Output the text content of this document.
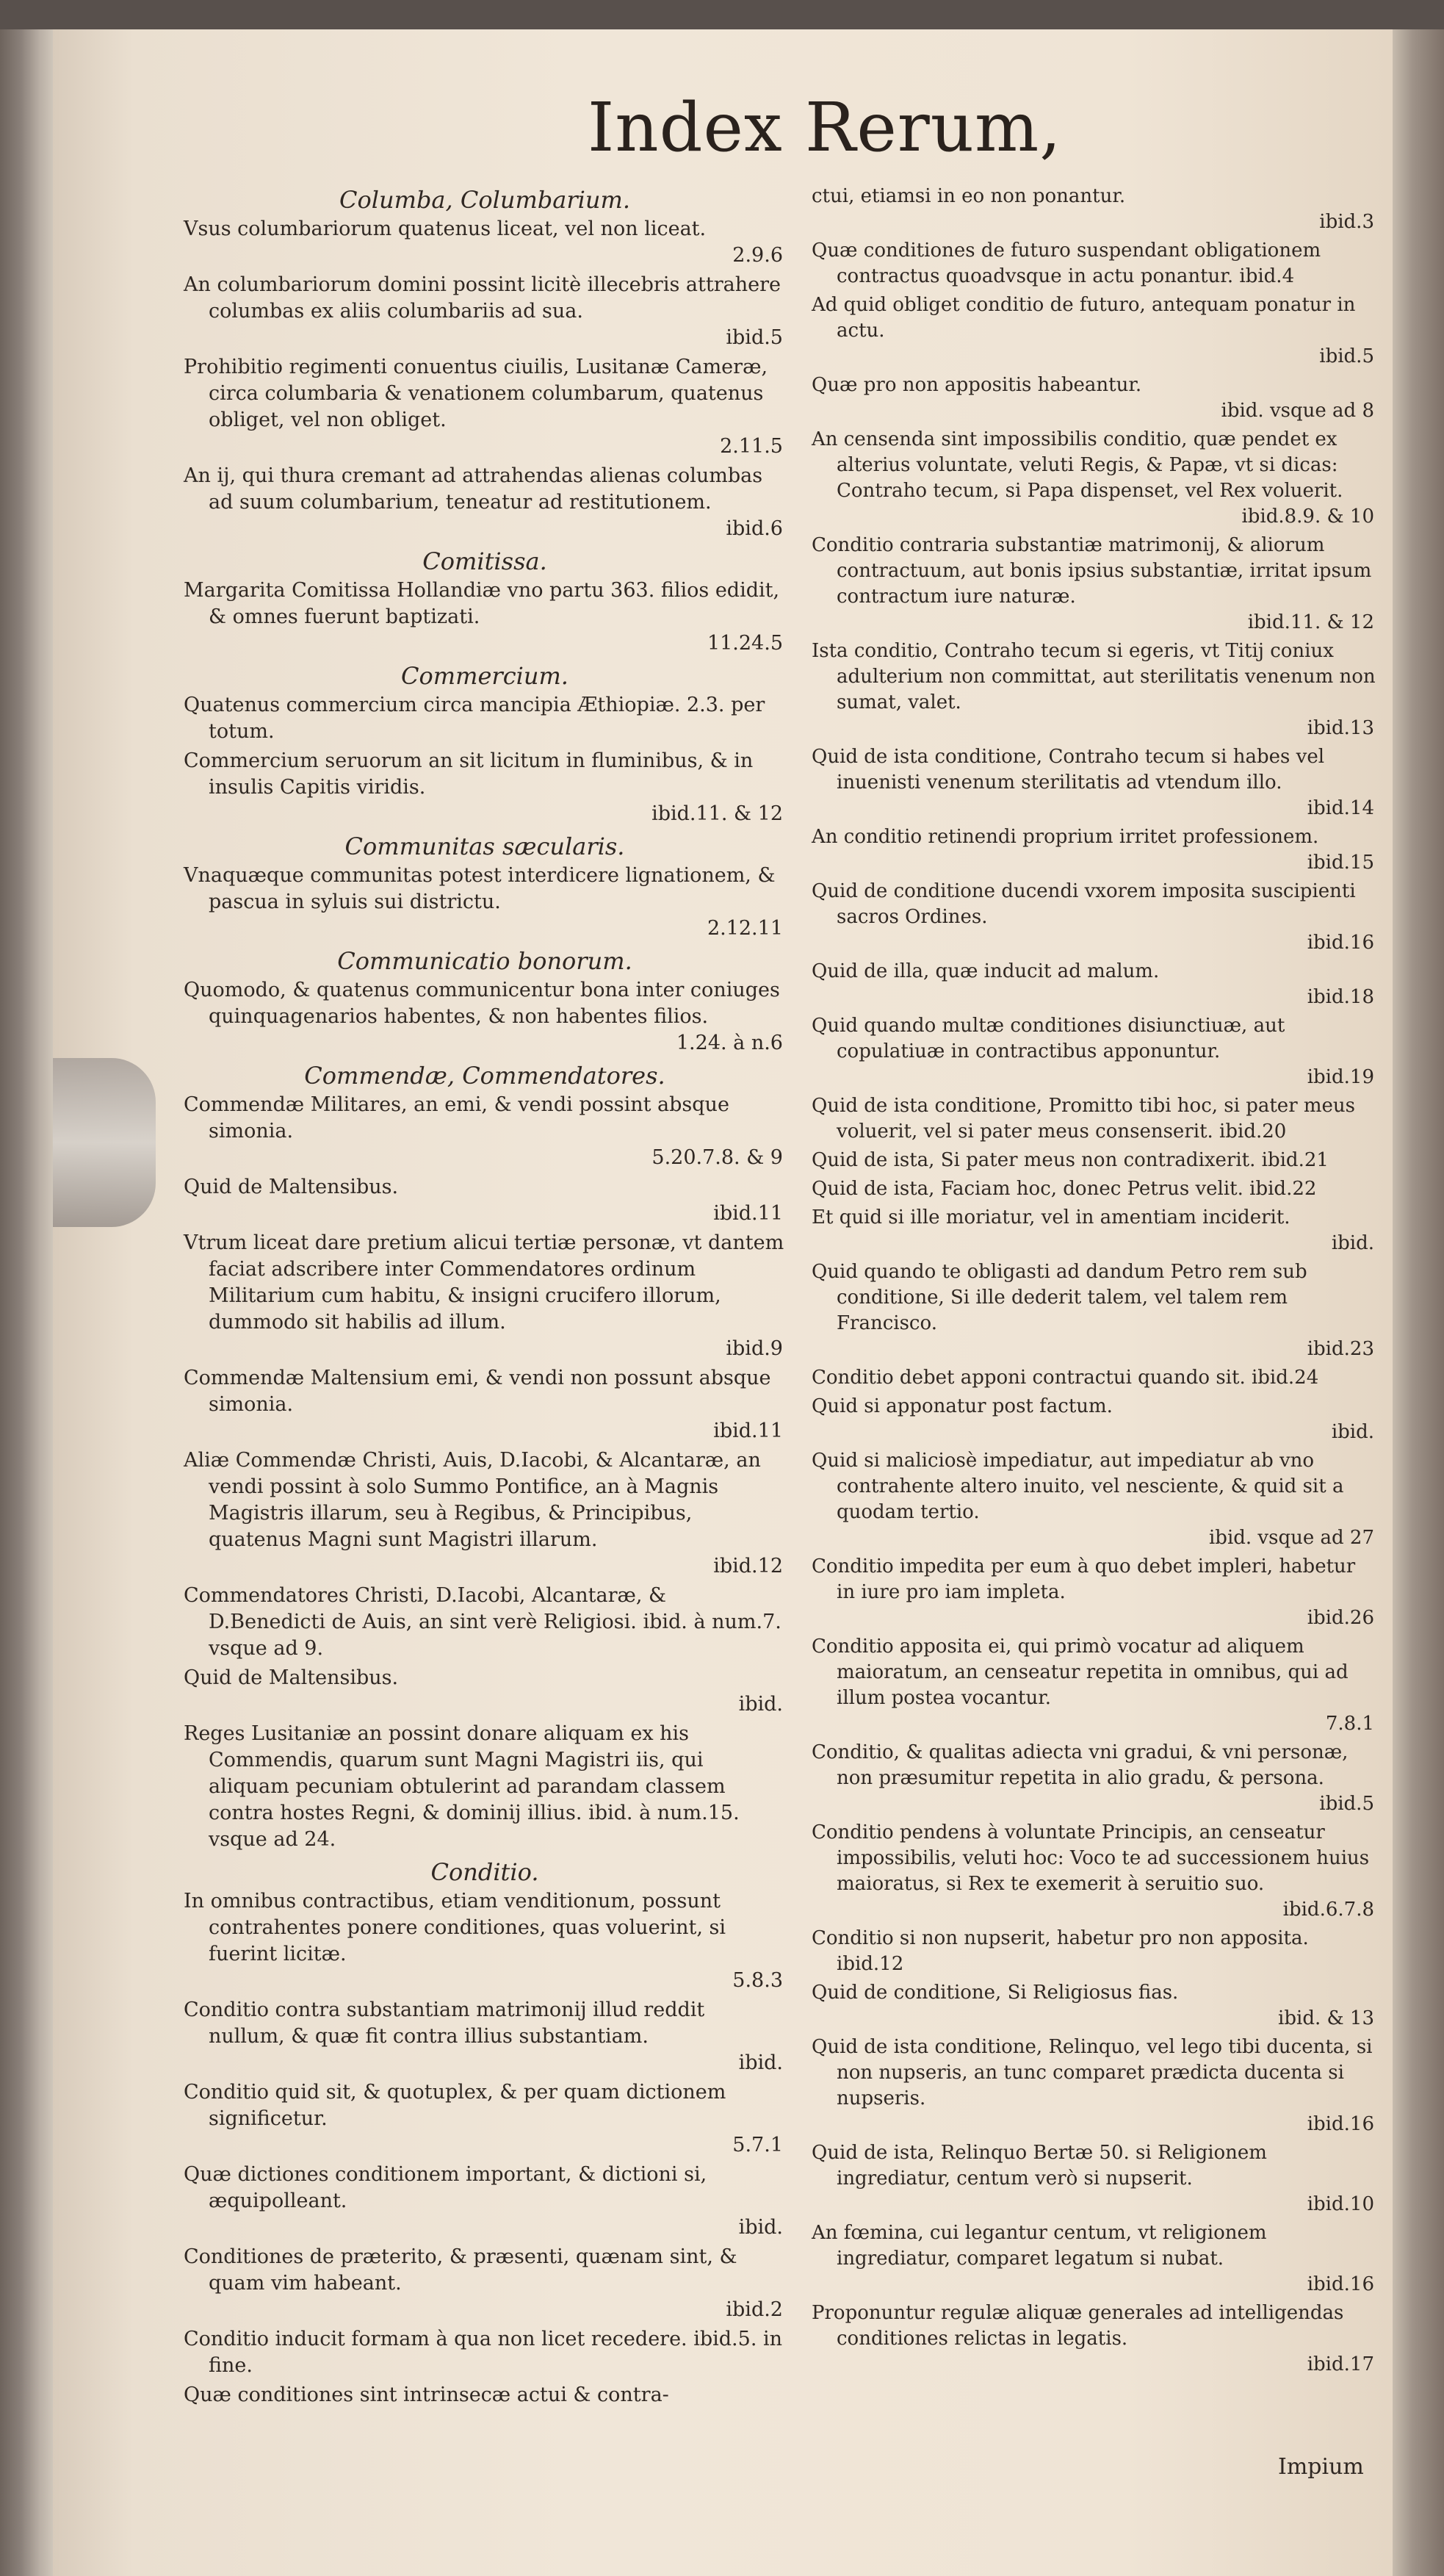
Index Rerum,
Columba, Columbarium.
Vsus columbariorum quatenus liceat, vel non liceat.
2.9.6
An columbariorum domini possint licitè illecebris attrahere columbas ex aliis columbariis ad sua.
ibid.5
Prohibitio regimenti conuentus ciuilis, Lusitanæ Cameræ, circa columbaria & venationem columbarum, quatenus obliget, vel non obliget.
2.11.5
An ij, qui thura cremant ad attrahendas alienas columbas ad suum columbarium, teneatur ad restitutionem.
ibid.6
Comitissa.
Margarita Comitissa Hollandiæ vno partu 363. filios edidit, & omnes fuerunt baptizati.
11.24.5
Commercium.
Quatenus commercium circa mancipia Æthiopiæ. 2.3. per totum.
Commercium seruorum an sit licitum in fluminibus, & in insulis Capitis viridis.
ibid.11. & 12
Communitas sæcularis.
Vnaquæque communitas potest interdicere lignationem, & pascua in syluis sui districtu.
2.12.11
Communicatio bonorum.
Quomodo, & quatenus communicentur bona inter coniuges quinquagenarios habentes, & non habentes filios.
1.24. à n.6
Commendæ, Commendatores.
Commendæ Militares, an emi, & vendi possint absque simonia.
5.20.7.8. & 9
Quid de Maltensibus.
ibid.11
Vtrum liceat dare pretium alicui tertiæ personæ, vt dantem faciat adscribere inter Commendatores ordinum Militarium cum habitu, & insigni crucifero illorum, dummodo sit habilis ad illum.
ibid.9
Commendæ Maltensium emi, & vendi non possunt absque simonia.
ibid.11
Aliæ Commendæ Christi, Auis, D.Iacobi, & Alcantaræ, an vendi possint à solo Summo Pontifice, an à Magnis Magistris illarum, seu à Regibus, & Principibus, quatenus Magni sunt Magistri illarum.
ibid.12
Commendatores Christi, D.Iacobi, Alcantaræ, & D.Benedicti de Auis, an sint verè Religiosi. ibid. à num.7. vsque ad 9.
Quid de Maltensibus.
ibid.
Reges Lusitaniæ an possint donare aliquam ex his Commendis, quarum sunt Magni Magistri iis, qui aliquam pecuniam obtulerint ad parandam classem contra hostes Regni, & dominij illius. ibid. à num.15. vsque ad 24.
Conditio.
In omnibus contractibus, etiam venditionum, possunt contrahentes ponere conditiones, quas voluerint, si fuerint licitæ.
5.8.3
Conditio contra substantiam matrimonij illud reddit nullum, & quæ fit contra illius substantiam.
ibid.
Conditio quid sit, & quotuplex, & per quam dictionem significetur.
5.7.1
Quæ dictiones conditionem important, & dictioni si, æquipolleant.
ibid.
Conditiones de præterito, & præsenti, quænam sint, & quam vim habeant.
ibid.2
Conditio inducit formam à qua non licet recedere. ibid.5. in fine.
Quæ conditiones sint intrinsecæ actui & contra-
ctui, etiamsi in eo non ponantur.
ibid.3
Quæ conditiones de futuro suspendant obligationem contractus quoadvsque in actu ponantur. ibid.4
Ad quid obliget conditio de futuro, antequam ponatur in actu.
ibid.5
Quæ pro non appositis habeantur.
ibid. vsque ad 8
An censenda sint impossibilis conditio, quæ pendet ex alterius voluntate, veluti Regis, & Papæ, vt si dicas: Contraho tecum, si Papa dispenset, vel Rex voluerit.
ibid.8.9. & 10
Conditio contraria substantiæ matrimonij, & aliorum contractuum, aut bonis ipsius substantiæ, irritat ipsum contractum iure naturæ.
ibid.11. & 12
Ista conditio, Contraho tecum si egeris, vt Titij coniux adulterium non committat, aut sterilitatis venenum non sumat, valet.
ibid.13
Quid de ista conditione, Contraho tecum si habes vel inuenisti venenum sterilitatis ad vtendum illo.
ibid.14
An conditio retinendi proprium irritet professionem.
ibid.15
Quid de conditione ducendi vxorem imposita suscipienti sacros Ordines.
ibid.16
Quid de illa, quæ inducit ad malum.
ibid.18
Quid quando multæ conditiones disiunctiuæ, aut copulatiuæ in contractibus apponuntur.
ibid.19
Quid de ista conditione, Promitto tibi hoc, si pater meus voluerit, vel si pater meus consenserit. ibid.20
Quid de ista, Si pater meus non contradixerit. ibid.21
Quid de ista, Faciam hoc, donec Petrus velit. ibid.22
Et quid si ille moriatur, vel in amentiam inciderit.
ibid.
Quid quando te obligasti ad dandum Petro rem sub conditione, Si ille dederit talem, vel talem rem Francisco.
ibid.23
Conditio debet apponi contractui quando sit. ibid.24
Quid si apponatur post factum.
ibid.
Quid si maliciosè impediatur, aut impediatur ab vno contrahente altero inuito, vel nesciente, & quid sit a quodam tertio.
ibid. vsque ad 27
Conditio impedita per eum à quo debet impleri, habetur in iure pro iam impleta.
ibid.26
Conditio apposita ei, qui primò vocatur ad aliquem maioratum, an censeatur repetita in omnibus, qui ad illum postea vocantur.
7.8.1
Conditio, & qualitas adiecta vni gradui, & vni personæ, non præsumitur repetita in alio gradu, & persona.
ibid.5
Conditio pendens à voluntate Principis, an censeatur impossibilis, veluti hoc: Voco te ad successionem huius maioratus, si Rex te exemerit à seruitio suo.
ibid.6.7.8
Conditio si non nupserit, habetur pro non apposita. ibid.12
Quid de conditione, Si Religiosus fias.
ibid. & 13
Quid de ista conditione, Relinquo, vel lego tibi ducenta, si non nupseris, an tunc comparet prædicta ducenta si nupseris.
ibid.16
Quid de ista, Relinquo Bertæ 50. si Religionem ingrediatur, centum verò si nupserit.
ibid.10
An fœmina, cui legantur centum, vt religionem ingrediatur, comparet legatum si nubat.
ibid.16
Proponuntur regulæ aliquæ generales ad intelligendas conditiones relictas in legatis.
ibid.17
Impium
